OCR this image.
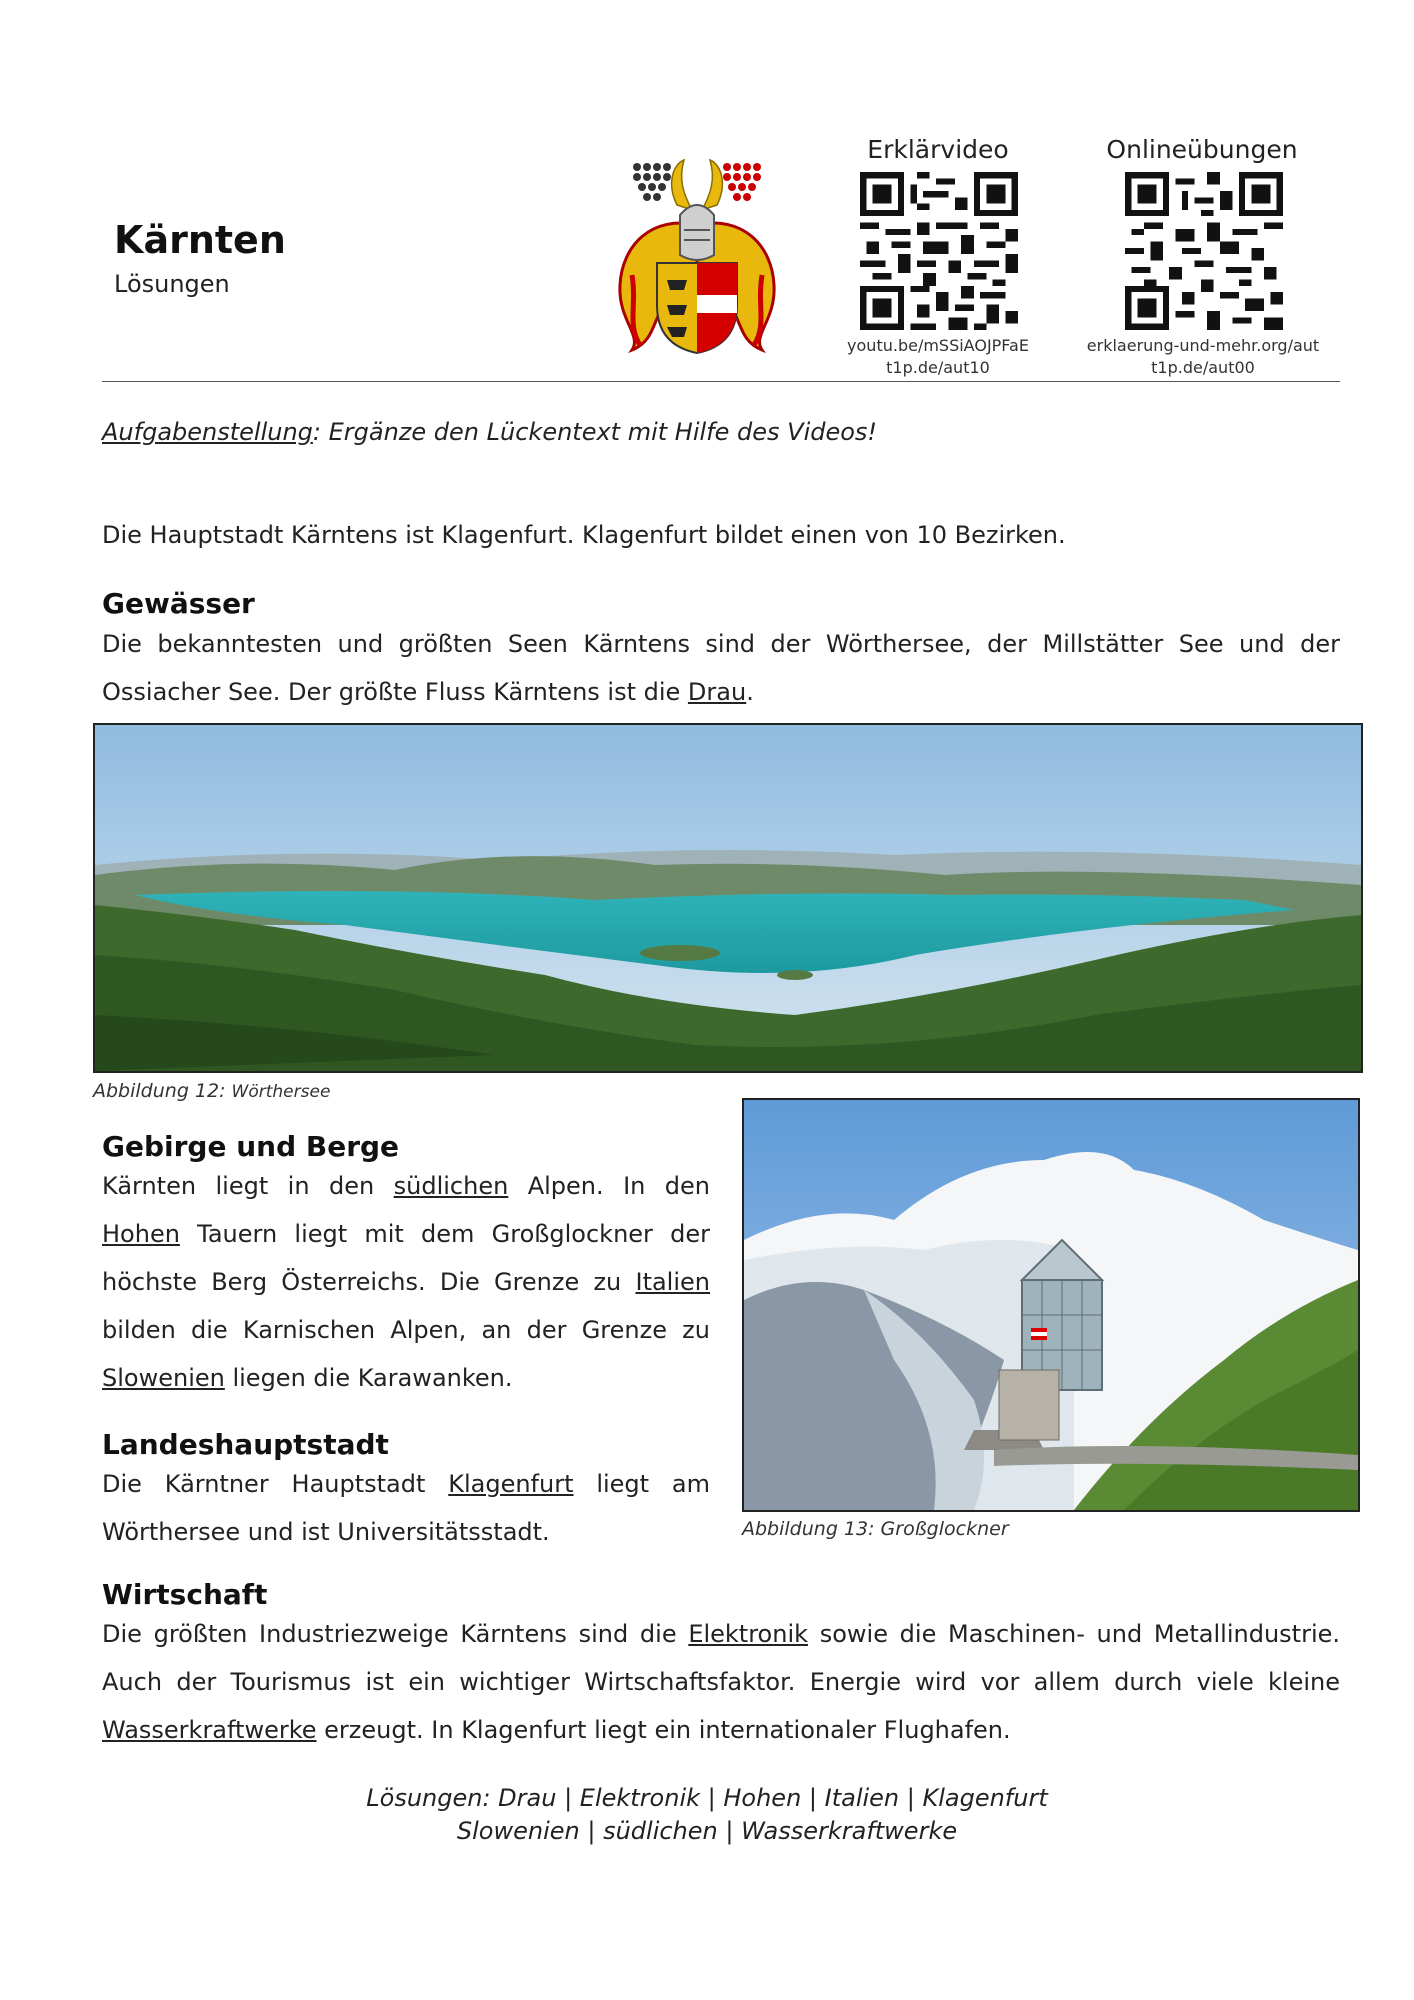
Kärnten
Lösungen
Erklärvideo
youtu.be/mSSiAOJPFaE
t1p.de/aut10
Onlineübungen
erklaerung-und-mehr.org/aut
t1p.de/aut00
Aufgabenstellung: Ergänze den Lückentext mit Hilfe des Videos!
Die Hauptstadt Kärntens ist Klagenfurt. Klagenfurt bildet einen von 10 Bezirken.
Gewässer
Die bekanntesten und größten Seen Kärntens sind der Wörthersee, der Millstätter See und der Ossiacher See. Der größte Fluss Kärntens ist die Drau.
Abbildung 12: Wörthersee
Gebirge und Berge
Kärnten liegt in den südlichen Alpen. In den Hohen Tauern liegt mit dem Großglockner der höchste Berg Österreichs. Die Grenze zu Italien bilden die Karnischen Alpen, an der Grenze zu Slowenien liegen die Karawanken.
Landeshauptstadt
Die Kärntner Hauptstadt Klagenfurt liegt am Wörthersee und ist Universitätsstadt.	Abbildung 13: Großglockner
Wirtschaft
Die größten Industriezweige Kärntens sind die Elektronik sowie die Maschinen- und Metallindustrie. Auch der Tourismus ist ein wichtiger Wirtschaftsfaktor. Energie wird vor allem durch viele kleine Wasserkraftwerke erzeugt. In Klagenfurt liegt ein internationaler Flughafen.
Lösungen: Drau | Elektronik | Hohen | Italien | Klagenfurt
Slowenien | südlichen | Wasserkraftwerke
